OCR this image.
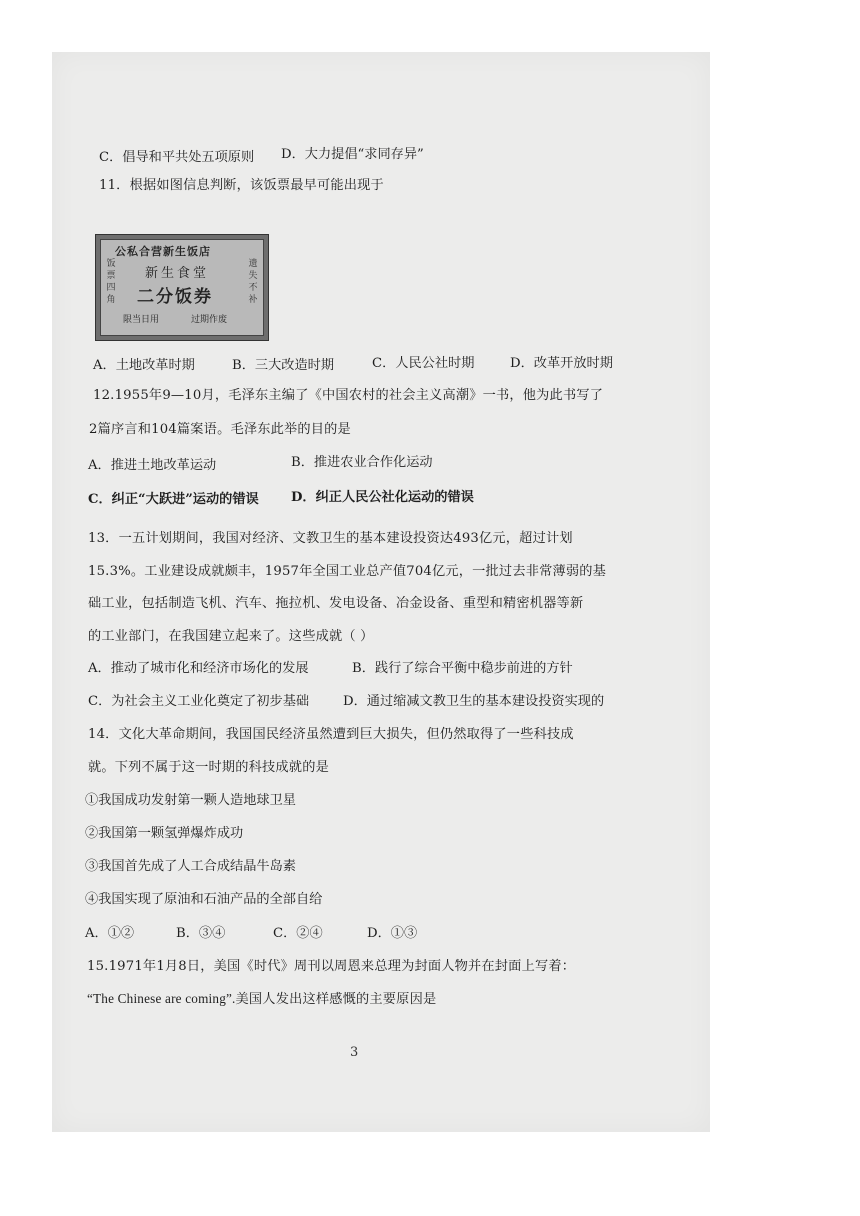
C．倡导和平共处五项原则 D．大力提倡“求同存异”
11．根据如图信息判断，该饭票最早可能出现于
公私合营新生饭店
饭票四角
遗失不补
新生食堂
二分饭券
限当日用	过期作废
A．土地改革时期	B．三大改造时期	C．人民公社时期	D．改革开放时期
12.1955年9—10月，毛泽东主编了《中国农村的社会主义高潮》一书，他为此书写了
2篇序言和104篇案语。毛泽东此举的目的是
A．推进土地改革运动	B．推进农业合作化运动
C．纠正“大跃进”运动的错误 D．纠正人民公社化运动的错误
13．一五计划期间，我国对经济、文教卫生的基本建设投资达493亿元，超过计划
15.3%。工业建设成就颇丰，1957年全国工业总产值704亿元，一批过去非常薄弱的基
础工业，包括制造飞机、汽车、拖拉机、发电设备、冶金设备、重型和精密机器等新
的工业部门，在我国建立起来了。这些成就（ ）
A．推动了城市化和经济市场化的发展	B．践行了综合平衡中稳步前进的方针
C．为社会主义工业化奠定了初步基础	D．通过缩减文教卫生的基本建设投资实现的
14．文化大革命期间，我国国民经济虽然遭到巨大损失，但仍然取得了一些科技成
就。下列不属于这一时期的科技成就的是
①我国成功发射第一颗人造地球卫星
②我国第一颗氢弹爆炸成功
③我国首先成了人工合成结晶牛岛素
④我国实现了原油和石油产品的全部自给
A．①②	B．③④	C．②④	D．①③
15.1971年1月8日，美国《时代》周刊以周恩来总理为封面人物并在封面上写着：
“The Chinese are coming”.美国人发出这样感慨的主要原因是
3
